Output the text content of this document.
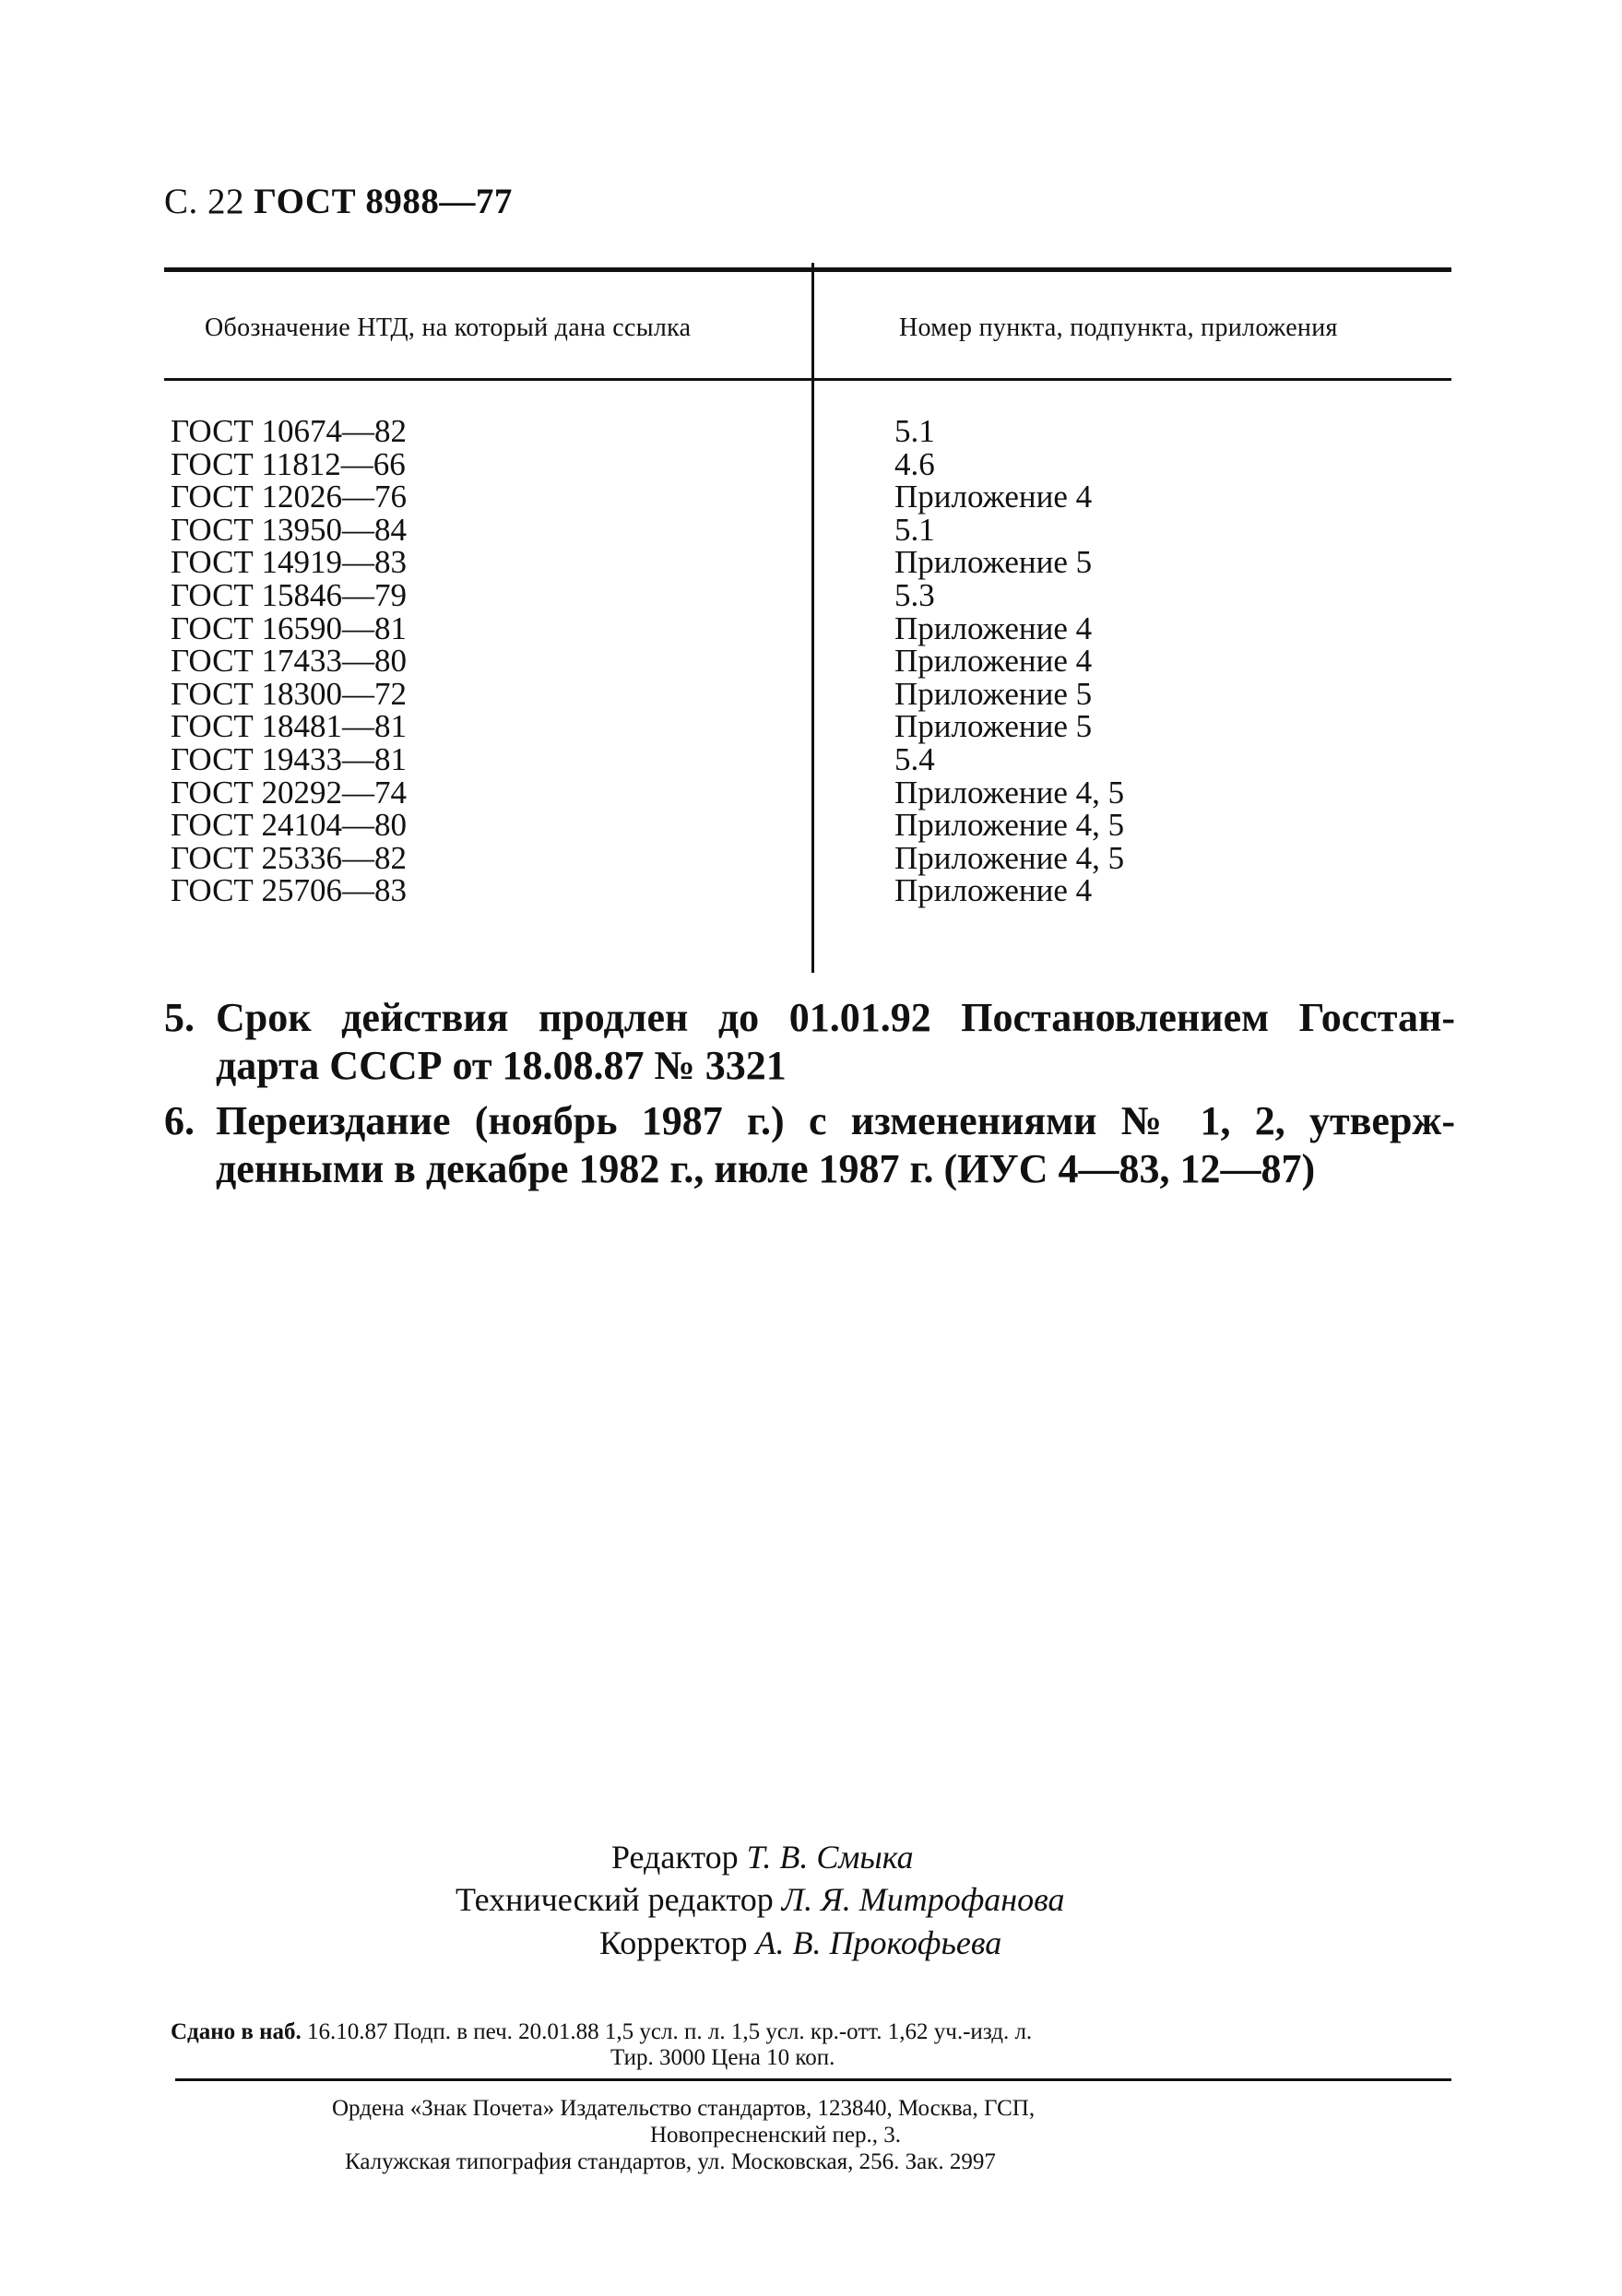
С. 22 ГОСТ 8988—77
Обозначение НТД, на который дана ссылка	Номер пункта, подпункта, приложения
ГОСТ 10674—82
ГОСТ 11812—66
ГОСТ 12026—76
ГОСТ 13950—84
ГОСТ 14919—83
ГОСТ 15846—79
ГОСТ 16590—81
ГОСТ 17433—80
ГОСТ 18300—72
ГОСТ 18481—81
ГОСТ 19433—81
ГОСТ 20292—74
ГОСТ 24104—80
ГОСТ 25336—82
ГОСТ 25706—83
5.1
4.6
Приложение 4
5.1
Приложение 5
5.3
Приложение 4
Приложение 4
Приложение 5
Приложение 5
5.4
Приложение 4, 5
Приложение 4, 5
Приложение 4, 5
Приложение 4
5. Срок действия продлен до 01.01.92 Постановлением Госстан-
дарта СССР от 18.08.87 № 3321
6. Переиздание (ноябрь 1987 г.) с изменениями № 1, 2, утверж-
денными в декабре 1982 г., июле 1987 г. (ИУС 4—83, 12—87)
Редактор Т. В. Смыка
Технический редактор Л. Я. Митрофанова
Корректор А. В. Прокофьева
Сдано в наб. 16.10.87 Подп. в печ. 20.01.88 1,5 усл. п. л. 1,5 усл. кр.-отт. 1,62 уч.-изд. л.
Тир. 3000 Цена 10 коп.
Ордена «Знак Почета» Издательство стандартов, 123840, Москва, ГСП,
Новопресненский пер., 3.
Калужская типография стандартов, ул. Московская, 256. Зак. 2997
